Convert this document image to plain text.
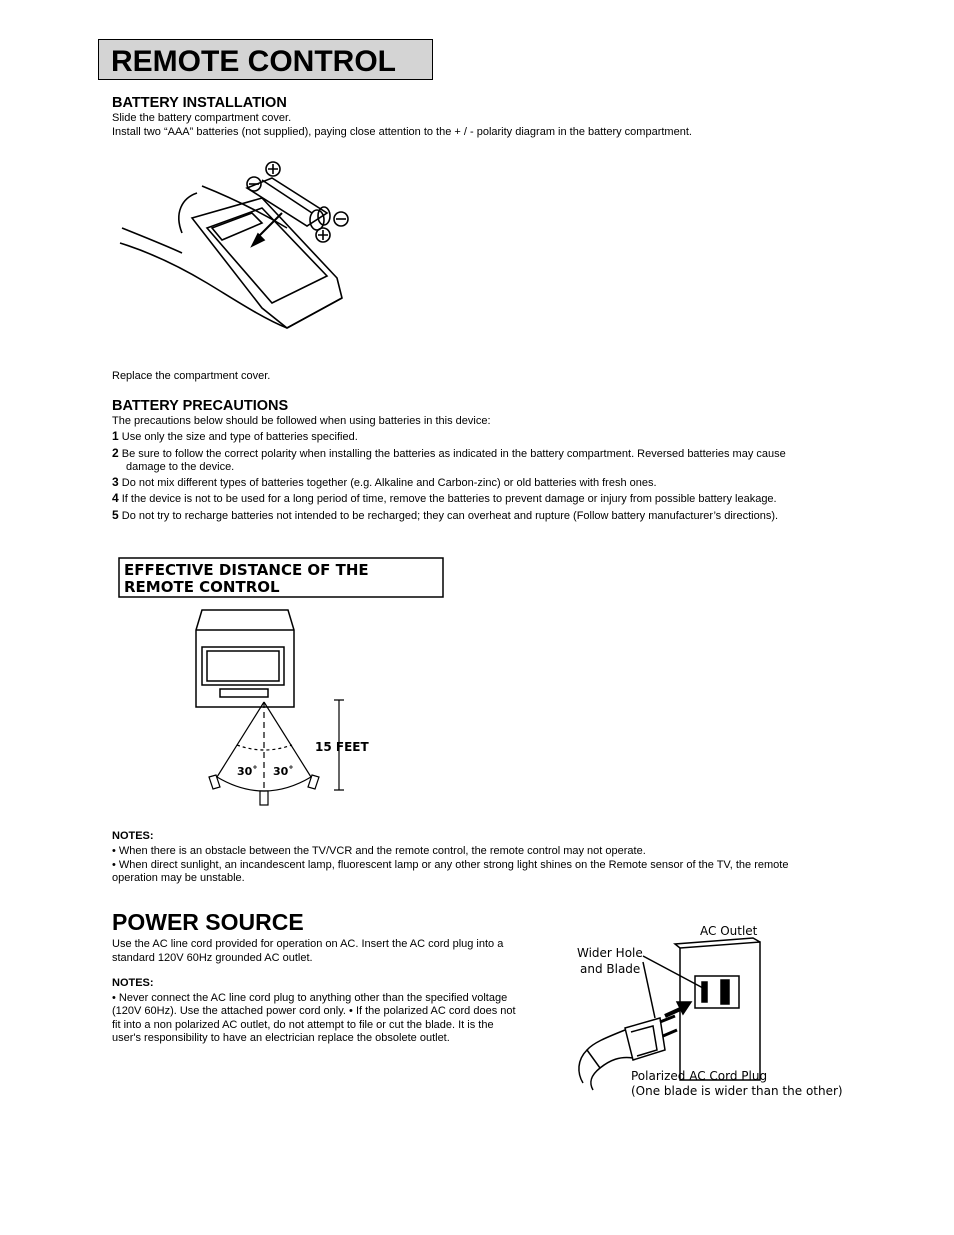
REMOTE CONTROL
BATTERY INSTALLATION
Slide the battery compartment cover.
Install two “AAA” batteries (not supplied), paying close attention to the + / - polarity diagram in the battery compartment.
Replace the compartment cover.
BATTERY PRECAUTIONS
The precautions below should be followed when using batteries in this device:
1 Use only the size and type of batteries specified.
2 Be sure to follow the correct polarity when installing the batteries as indicated in the battery compartment. Reversed batteries may cause
damage to the device.
3 Do not mix different types of batteries together (e.g. Alkaline and Carbon-zinc) or old batteries with fresh ones.
4 If the device is not to be used for a long period of time, remove the batteries to prevent damage or injury from possible battery leakage.
5 Do not try to recharge batteries not intended to be recharged; they can overheat and rupture (Follow battery manufacturer’s directions).
EFFECTIVE DISTANCE OF THE
REMOTE CONTROL
15 FEET
30˚ 30˚
NOTES:
• When there is an obstacle between the TV/VCR and the remote control, the remote control may not operate.
• When direct sunlight, an incandescent lamp, fluorescent lamp or any other strong light shines on the Remote sensor of the TV, the remote
operation may be unstable.
POWER SOURCE
Use the AC line cord provided for operation on AC. Insert the AC cord plug into a
standard 120V 60Hz grounded AC outlet.
NOTES:
• Never connect the AC line cord plug to anything other than the specified voltage
(120V 60Hz). Use the attached power cord only. • If the polarized AC cord does not
fit into a non polarized AC outlet, do not attempt to file or cut the blade. It is the
user's responsibility to have an electrician replace the obsolete outlet.
AC Outlet
Wider Hole
and Blade
Polarized AC Cord Plug
(One blade is wider than the other)
